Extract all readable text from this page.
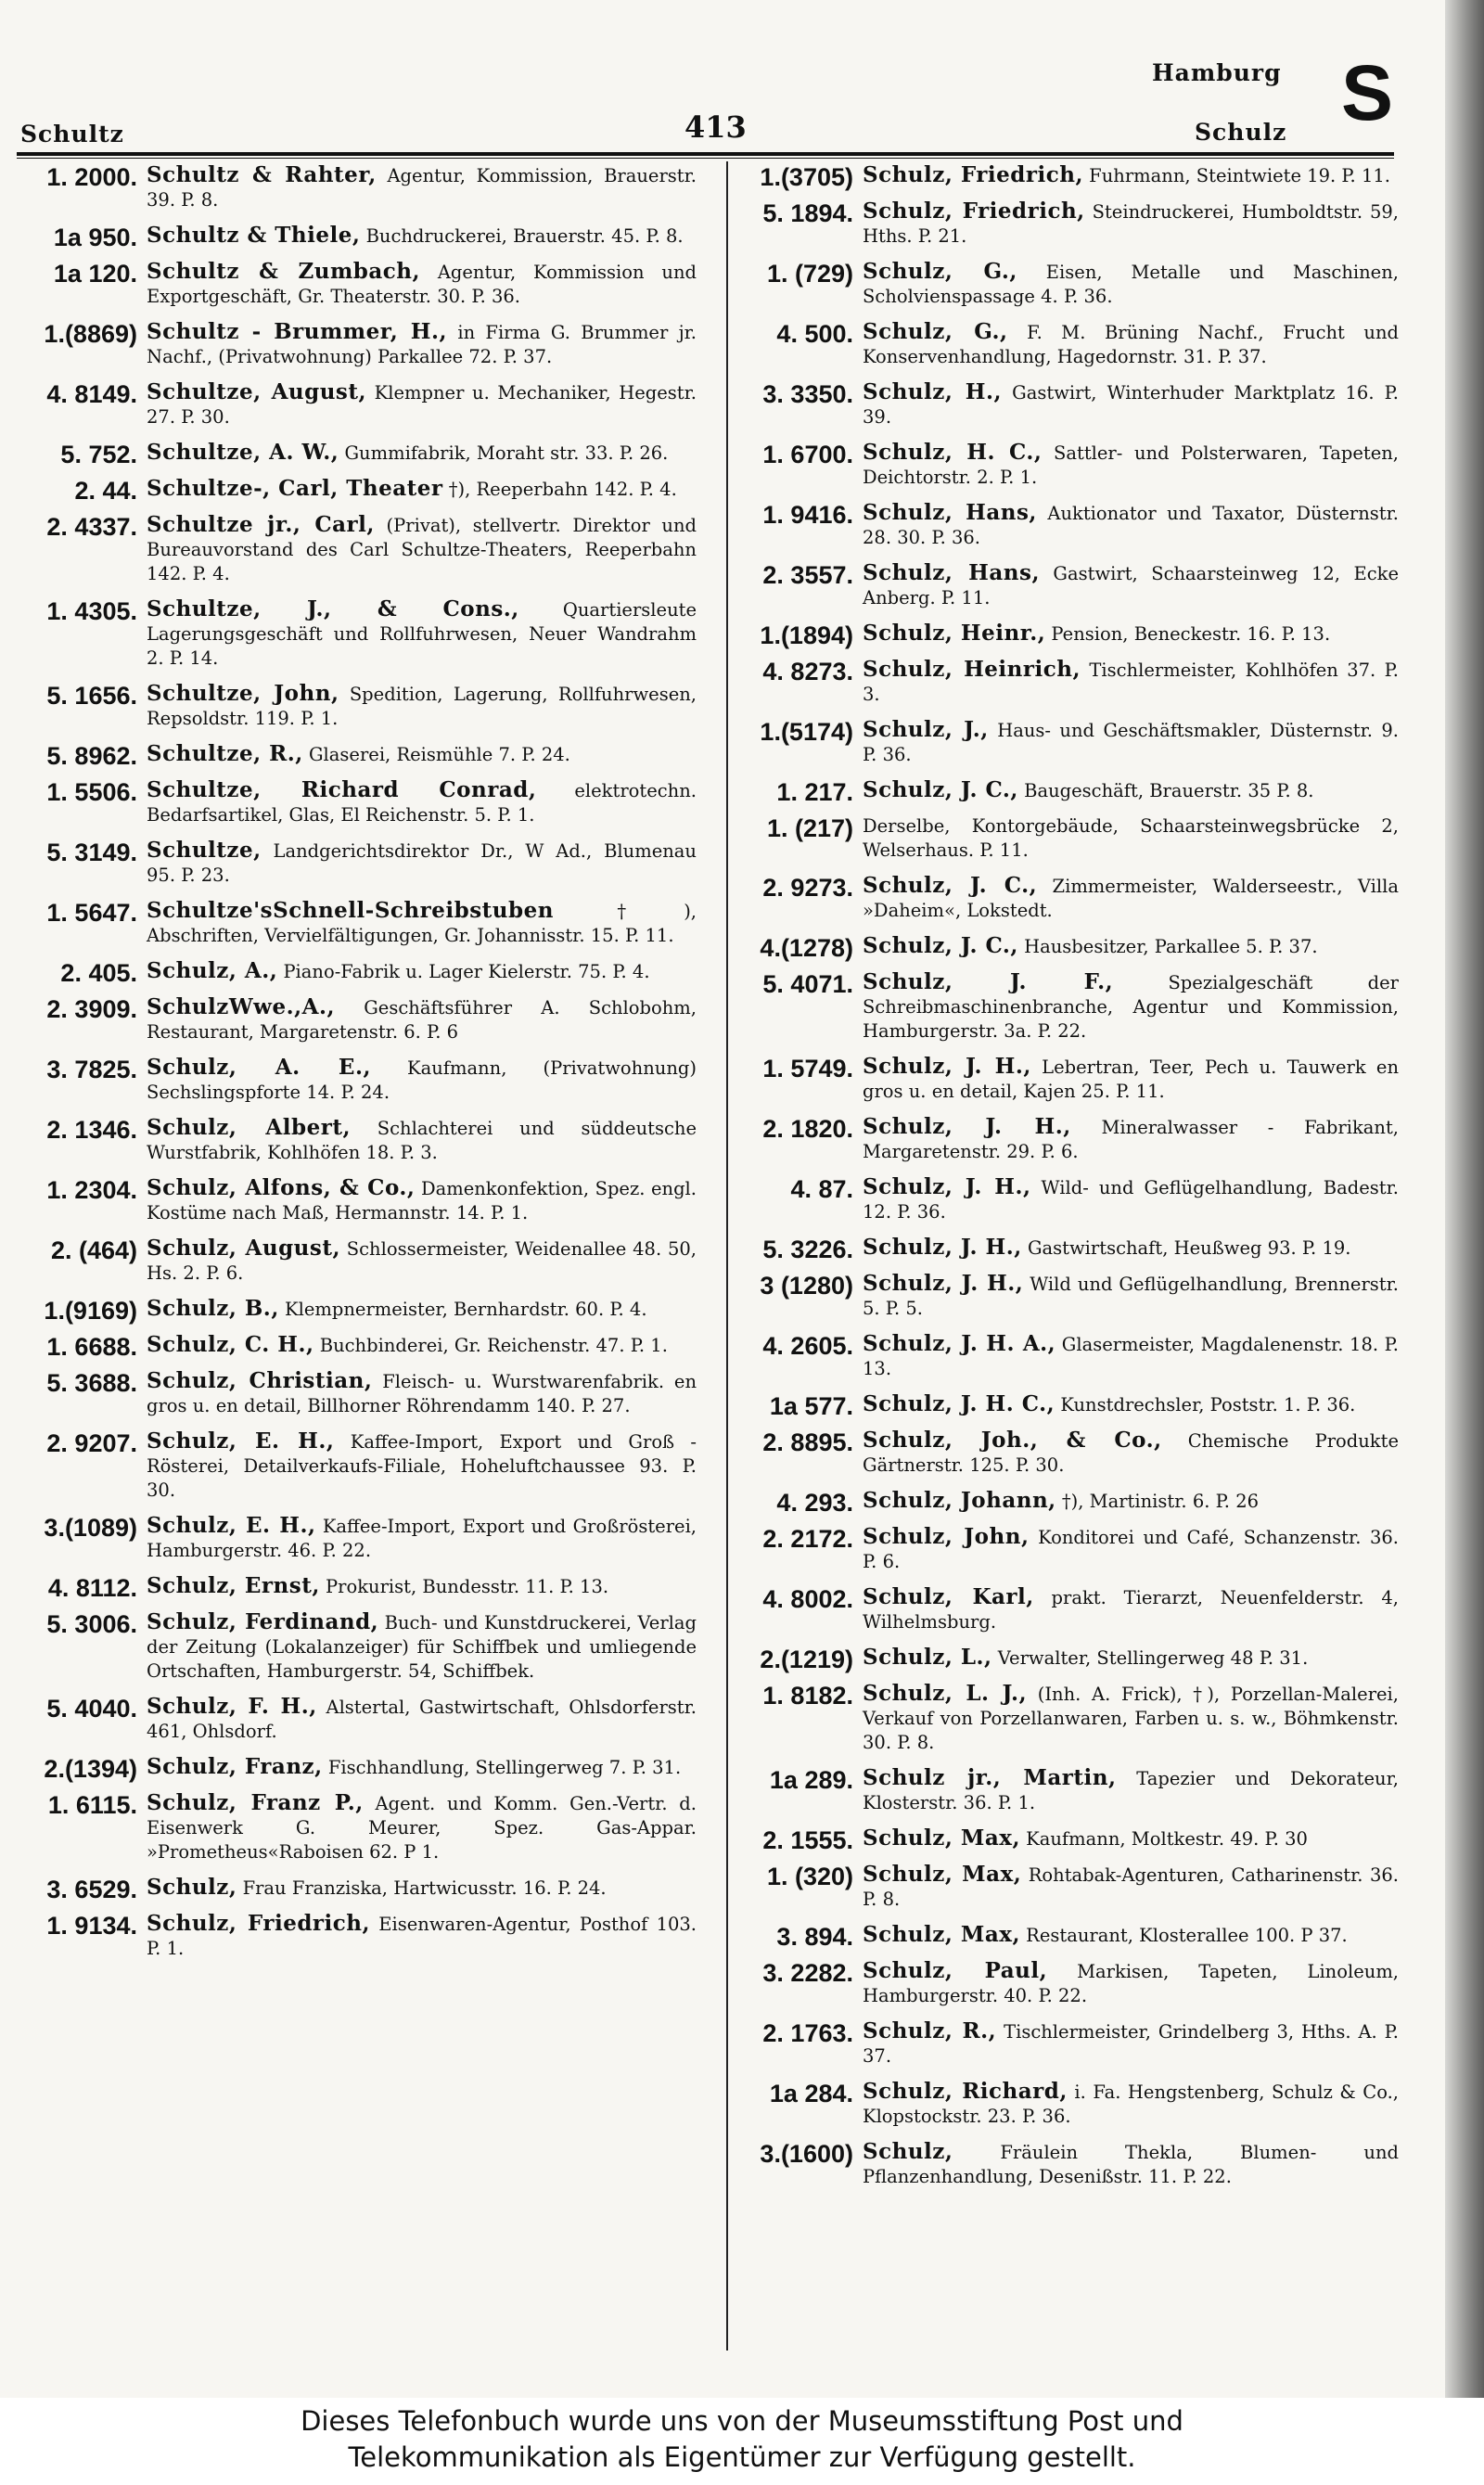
Schultz	413
Hamburg
Schulz S
1. 2000. Schultz & Rahter, Agentur, Kommission, Brauerstr. 39. P. 8.
1a 950. Schultz & Thiele, Buchdruckerei, Brauerstr. 45. P. 8.
1a 120. Schultz & Zumbach, Agentur, Kommission und Exportgeschäft, Gr. Theaterstr. 30. P. 36.
1.(8869) Schultz - Brummer, H., in Firma G. Brummer jr. Nachf., (Privatwohnung) Parkallee 72. P. 37.
4. 8149. Schultze, August, Klempner u. Mechaniker, Hegestr. 27. P. 30.
5. 752. Schultze, A. W., Gummifabrik, Moraht str. 33. P. 26.
2. 44. Schultze-, Carl, Theater †), Reeperbahn 142. P. 4.
2. 4337. Schultze jr., Carl, (Privat), stellvertr. Direktor und Bureauvorstand des Carl Schultze-Theaters, Reeperbahn 142. P. 4.
1. 4305. Schultze, J., & Cons., Quartiersleute Lagerungsgeschäft und Rollfuhrwesen, Neuer Wandrahm 2. P. 14.
5. 1656. Schultze, John, Spedition, Lagerung, Rollfuhrwesen, Repsoldstr. 119. P. 1.
5. 8962. Schultze, R., Glaserei, Reismühle 7. P. 24.
1. 5506. Schultze, Richard Conrad, elektrotechn. Bedarfsartikel, Glas, El Reichenstr. 5. P. 1.
5. 3149. Schultze, Landgerichtsdirektor Dr., W Ad., Blumenau 95. P. 23.
1. 5647. Schultze'sSchnell-Schreibstuben	†), Abschriften, Vervielfältigungen, Gr. Johannisstr. 15. P. 11.
2. 405. Schulz, A., Piano-Fabrik u. Lager Kielerstr. 75. P. 4.
2. 3909. SchulzWwe.,A., Geschäftsführer A. Schlobohm, Restaurant, Margaretenstr. 6. P. 6
3. 7825. Schulz, A. E., Kaufmann, (Privatwohnung) Sechslingspforte 14. P. 24.
2. 1346. Schulz, Albert, Schlachterei und süddeutsche Wurstfabrik, Kohlhöfen 18. P. 3.
1. 2304. Schulz, Alfons, & Co., Damenkonfektion, Spez. engl. Kostüme nach Maß, Hermannstr. 14. P. 1.
2. (464) Schulz, August, Schlossermeister, Weidenallee 48. 50, Hs. 2. P. 6.
1.(9169) Schulz, B., Klempnermeister, Bernhardstr. 60. P. 4.
1. 6688. Schulz, C. H., Buchbinderei, Gr. Reichenstr. 47. P. 1.
5. 3688. Schulz, Christian, Fleisch- u. Wurstwarenfabrik. en gros u. en detail, Billhorner Röhrendamm 140. P. 27.
2. 9207. Schulz, E. H., Kaffee-Import, Export und Groß - Rösterei, Detailverkaufs-Filiale, Hoheluftchaussee 93. P. 30.
3.(1089) Schulz, E. H., Kaffee-Import, Export und Großrösterei, Hamburgerstr. 46. P. 22.
4. 8112. Schulz, Ernst, Prokurist, Bundesstr. 11. P. 13.
5. 3006. Schulz, Ferdinand, Buch- und Kunstdruckerei, Verlag der Zeitung (Lokalanzeiger) für Schiffbek und umliegende Ortschaften, Hamburgerstr. 54, Schiffbek.
5. 4040. Schulz, F. H., Alstertal, Gastwirtschaft, Ohlsdorferstr. 461, Ohlsdorf.
2.(1394) Schulz, Franz, Fischhandlung, Stellingerweg 7. P. 31.
1. 6115. Schulz, Franz P., Agent. und Komm. Gen.-Vertr. d. Eisenwerk G. Meurer, Spez. Gas-Appar. »Prometheus«Raboisen 62. P 1.
3. 6529. Schulz, Frau Franziska, Hartwicusstr. 16. P. 24.
1. 9134. Schulz, Friedrich, Eisenwaren-Agentur, Posthof 103. P. 1.
1.(3705) Schulz, Friedrich, Fuhrmann, Steintwiete 19. P. 11.
5. 1894. Schulz, Friedrich, Steindruckerei, Humboldtstr. 59, Hths. P. 21.
1. (729) Schulz, G., Eisen, Metalle und Maschinen, Scholvienspassage 4. P. 36.
4. 500. Schulz, G., F. M. Brüning Nachf., Frucht und Konservenhandlung, Hagedornstr. 31. P. 37.
3. 3350. Schulz, H., Gastwirt, Winterhuder Marktplatz 16. P. 39.
1. 6700. Schulz, H. C., Sattler- und Polsterwaren, Tapeten, Deichtorstr. 2. P. 1.
1. 9416. Schulz, Hans, Auktionator und Taxator, Düsternstr. 28. 30. P. 36.
2. 3557. Schulz, Hans, Gastwirt, Schaarsteinweg 12, Ecke Anberg. P. 11.
1.(1894) Schulz, Heinr., Pension, Beneckestr. 16. P. 13.
4. 8273. Schulz, Heinrich, Tischlermeister, Kohlhöfen 37. P. 3.
1.(5174) Schulz, J., Haus- und Geschäftsmakler, Düsternstr. 9. P. 36.
1. 217. Schulz, J. C., Baugeschäft, Brauerstr. 35 P. 8.
1. (217) Derselbe, Kontorgebäude, Schaarsteinwegsbrücke 2, Welserhaus. P. 11.
2. 9273. Schulz, J. C., Zimmermeister, Walderseestr., Villa »Daheim«, Lokstedt.
4.(1278) Schulz, J. C., Hausbesitzer, Parkallee 5. P. 37.
5. 4071. Schulz, J. F.,	Spezialgeschäft der Schreibmaschinenbranche, Agentur und Kommission, Hamburgerstr. 3a. P. 22.
1. 5749. Schulz, J. H., Lebertran, Teer, Pech u. Tauwerk en gros u. en detail, Kajen 25. P. 11.
2. 1820. Schulz, J. H., Mineralwasser - Fabrikant, Margaretenstr. 29. P. 6.
4. 87. Schulz, J. H., Wild- und Geflügelhandlung, Badestr. 12. P. 36.
5. 3226. Schulz, J. H., Gastwirtschaft, Heußweg 93. P. 19.
3 (1280) Schulz, J. H., Wild und Geflügelhandlung, Brennerstr. 5. P. 5.
4. 2605. Schulz, J. H. A., Glasermeister, Magdalenenstr. 18. P. 13.
1a 577. Schulz, J. H. C., Kunstdrechsler, Poststr. 1. P. 36.
2. 8895. Schulz, Joh., & Co., Chemische Produkte Gärtnerstr. 125. P. 30.
4. 293. Schulz, Johann, †), Martinistr. 6. P. 26
2. 2172. Schulz, John, Konditorei und Café, Schanzenstr. 36. P. 6.
4. 8002. Schulz, Karl, prakt. Tierarzt, Neuenfelderstr. 4, Wilhelmsburg.
2.(1219) Schulz, L., Verwalter, Stellingerweg 48 P. 31.
1. 8182. Schulz, L. J., (Inh. A. Frick), †), Porzellan-Malerei, Verkauf von Porzellanwaren, Farben u. s. w., Böhmkenstr. 30. P. 8.
1a 289. Schulz jr., Martin, Tapezier und Dekorateur, Klosterstr. 36. P. 1.
2. 1555. Schulz, Max, Kaufmann, Moltkestr. 49. P. 30
1. (320) Schulz, Max, Rohtabak-Agenturen, Catharinenstr. 36. P. 8.
3. 894. Schulz, Max, Restaurant, Klosterallee 100. P 37.
3. 2282. Schulz, Paul, Markisen, Tapeten, Linoleum, Hamburgerstr. 40. P. 22.
2. 1763. Schulz, R., Tischlermeister, Grindelberg 3, Hths. A. P. 37.
1a 284. Schulz, Richard, i. Fa. Hengstenberg, Schulz & Co., Klopstockstr. 23. P. 36.
3.(1600) Schulz,	Fräulein Thekla, Blumen- und Pflanzenhandlung, Desenißstr. 11. P. 22.
Dieses Telefonbuch wurde uns von der Museumsstiftung Post und
Telekommunikation als Eigentümer zur Verfügung gestellt.
